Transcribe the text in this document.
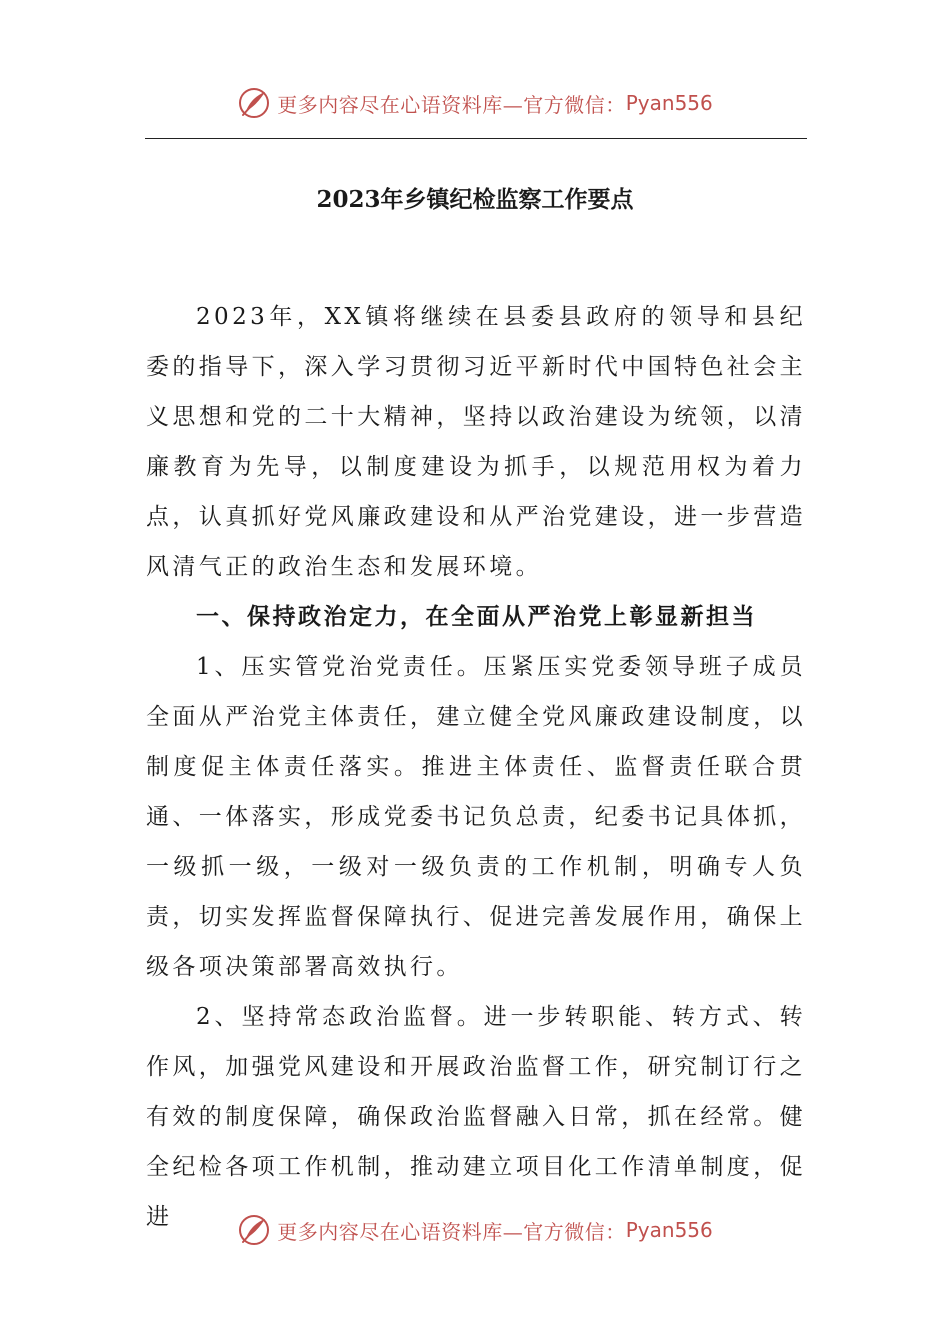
更多内容尽在心语资料库—官方微信： Pyan556
2023年乡镇纪检监察工作要点

2023年，XX镇将继续在县委县政府的领导和县纪委的指导下，深入学习贯彻习近平新时代中国特色社会主义思想和党的二十大精神，坚持以政治建设为统领，以清廉教育为先导，以制度建设为抓手，以规范用权为着力点，认真抓好党风廉政建设和从严治党建设，进一步营造风清气正的政治生态和发展环境。

一、保持政治定力，在全面从严治党上彰显新担当

1、压实管党治党责任。压紧压实党委领导班子成员全面从严治党主体责任，建立健全党风廉政建设制度，以制度促主体责任落实。推进主体责任、监督责任联合贯通、一体落实，形成党委书记负总责，纪委书记具体抓，一级抓一级，一级对一级负责的工作机制，明确专人负责，切实发挥监督保障执行、促进完善发展作用，确保上级各项决策部署高效执行。

2、坚持常态政治监督。进一步转职能、转方式、转作风，加强党风建设和开展政治监督工作，研究制订行之有效的制度保障，确保政治监督融入日常，抓在经常。健全纪检各项工作机制，推动建立项目化工作清单制度，促进

更多内容尽在心语资料库—官方微信： Pyan556
